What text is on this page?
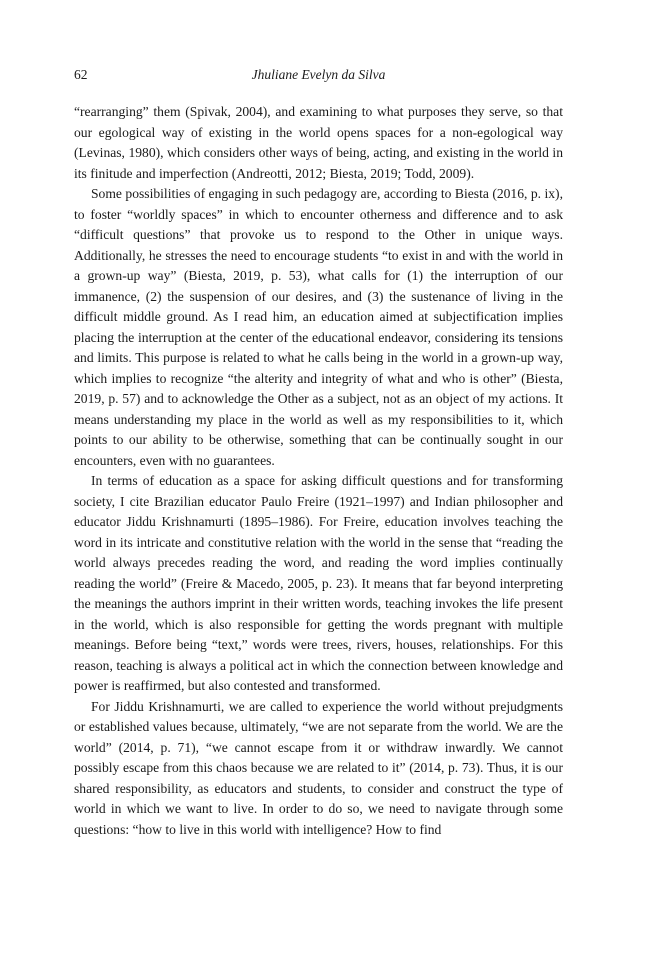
62	Jhuliane Evelyn da Silva

“rearranging” them (Spivak, 2004), and examining to what purposes they serve, so that our egological way of existing in the world opens spaces for a non-egological way (Levinas, 1980), which considers other ways of being, acting, and existing in the world in its finitude and imperfection (Andreotti, 2012; Biesta, 2019; Todd, 2009).

Some possibilities of engaging in such pedagogy are, according to Biesta (2016, p. ix), to foster “worldly spaces” in which to encounter otherness and difference and to ask “difficult questions” that provoke us to respond to the Other in unique ways. Additionally, he stresses the need to encourage students “to exist in and with the world in a grown-up way” (Biesta, 2019, p. 53), what calls for (1) the interruption of our immanence, (2) the suspension of our desires, and (3) the sustenance of living in the difficult middle ground. As I read him, an education aimed at subjectification implies placing the interruption at the center of the educational endeavor, considering its tensions and limits. This purpose is related to what he calls being in the world in a grown-up way, which implies to recognize “the alterity and integrity of what and who is other” (Biesta, 2019, p. 57) and to acknowledge the Other as a subject, not as an object of my actions. It means understanding my place in the world as well as my responsibilities to it, which points to our ability to be otherwise, something that can be continually sought in our encounters, even with no guarantees.

In terms of education as a space for asking difficult questions and for transforming society, I cite Brazilian educator Paulo Freire (1921–1997) and Indian philosopher and educator Jiddu Krishnamurti (1895–1986). For Freire, education involves teaching the word in its intricate and constitutive relation with the world in the sense that “reading the world always precedes reading the word, and reading the word implies continually reading the world” (Freire & Macedo, 2005, p. 23). It means that far beyond interpreting the meanings the authors imprint in their written words, teaching invokes the life present in the world, which is also responsible for getting the words pregnant with multiple meanings. Before being “text,” words were trees, rivers, houses, relationships. For this reason, teaching is always a political act in which the connection between knowledge and power is reaffirmed, but also contested and transformed.

For Jiddu Krishnamurti, we are called to experience the world without prejudgments or established values because, ultimately, “we are not separate from the world. We are the world” (2014, p. 71), “we cannot escape from it or withdraw inwardly. We cannot possibly escape from this chaos because we are related to it” (2014, p. 73). Thus, it is our shared responsibility, as educators and students, to consider and construct the type of world in which we want to live. In order to do so, we need to navigate through some questions: “how to live in this world with intelligence? How to find
